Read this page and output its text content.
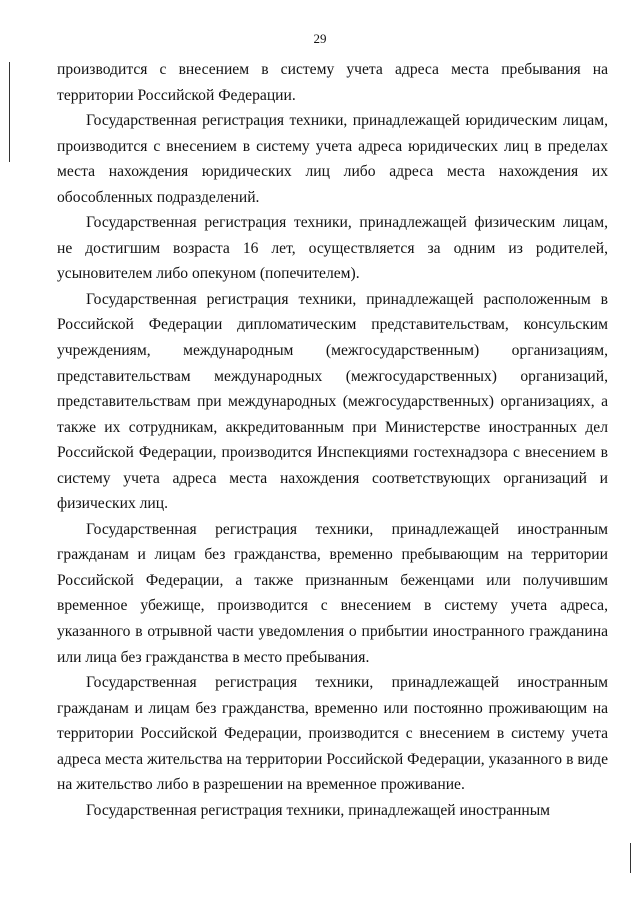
29

производится с внесением в систему учета адреса места пребывания на территории Российской Федерации.

Государственная регистрация техники, принадлежащей юридическим лицам, производится с внесением в систему учета адреса юридических лиц в пределах места нахождения юридических лиц либо адреса места нахождения их обособленных подразделений.

Государственная регистрация техники, принадлежащей физическим лицам, не достигшим возраста 16 лет, осуществляется за одним из родителей, усыновителем либо опекуном (попечителем).

Государственная регистрация техники, принадлежащей расположенным в Российской Федерации дипломатическим представительствам, консульским учреждениям, международным (межгосударственным) организациям, представительствам международных (межгосударственных) организаций, представительствам при международных (межгосударственных) организациях, а также их сотрудникам, аккредитованным при Министерстве иностранных дел Российской Федерации, производится Инспекциями гостехнадзора с внесением в систему учета адреса места нахождения соответствующих организаций и физических лиц.

Государственная регистрация техники, принадлежащей иностранным гражданам и лицам без гражданства, временно пребывающим на территории Российской Федерации, а также признанным беженцами или получившим временное убежище, производится с внесением в систему учета адреса, указанного в отрывной части уведомления о прибытии иностранного гражданина или лица без гражданства в место пребывания.

Государственная регистрация техники, принадлежащей иностранным гражданам и лицам без гражданства, временно или постоянно проживающим на территории Российской Федерации, производится с внесением в систему учета адреса места жительства на территории Российской Федерации, указанного в виде на жительство либо в разрешении на временное проживание.

Государственная регистрация техники, принадлежащей иностранным
